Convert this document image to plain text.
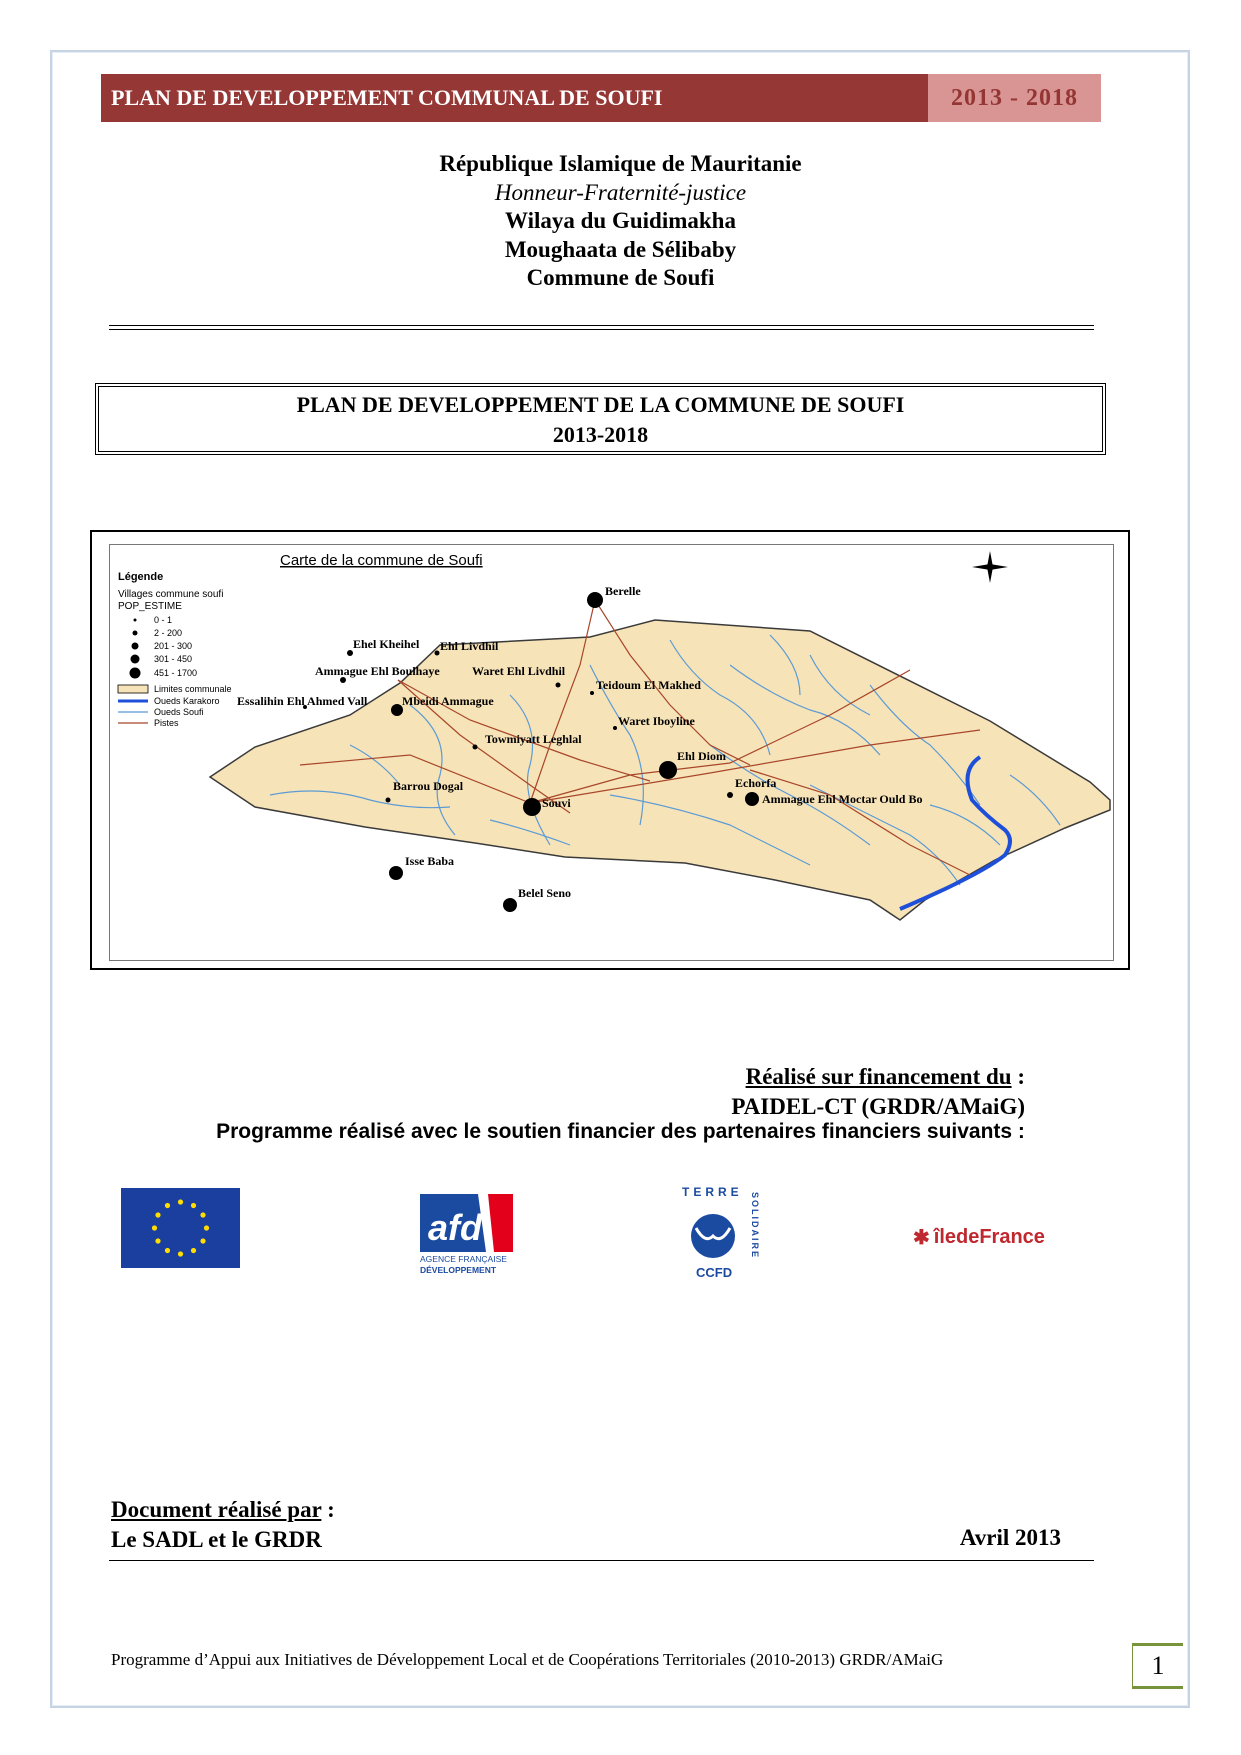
PLAN DE DEVELOPPEMENT COMMUNAL DE SOUFI	2013 - 2018
République Islamique de Mauritanie
Honneur-Fraternité-justice
Wilaya du Guidimakha
Moughaata de Sélibaby
Commune de Soufi
PLAN DE DEVELOPPEMENT DE LA COMMUNE DE SOUFI
2013-2018
Carte de la commune de Soufi
Légende
Villages commune soufi
POP_ESTIME
0 - 1
2 - 200
201 - 300
301 - 450
451 - 1700
Limites communale
Oueds Karakoro
Oueds Soufi
Pistes
Berelle
Ehel Kheihel Ehl Livdhil
Ammague Ehl Boulhaye	Waret Ehl Livdhil
Teidoum El Makhed
Essalihin Ehl Ahmed Vall	Mbeidi Ammague
Waret Iboyline
Towmiyatt Leghlal
Ehl Diom
Barrou Dogal	Echorfa
Ammague Ehl Moctar Ould Bo
Souvi
Isse Baba
Belel Seno
Réalisé sur financement du :
PAIDEL-CT (GRDR/AMaiG)
Programme réalisé avec le soutien financier des partenaires financiers suivants :
afd
AGENCE FRANÇAISE
DÉVELOPPEMENT
TERRE
CCFD
SOLIDAIRE	✱ îledeFrance
Document réalisé par :
Le SADL et le GRDR	Avril 2013
Programme d’Appui aux Initiatives de Développement Local et de Coopérations Territoriales (2010-2013) GRDR/AMaiG	1
